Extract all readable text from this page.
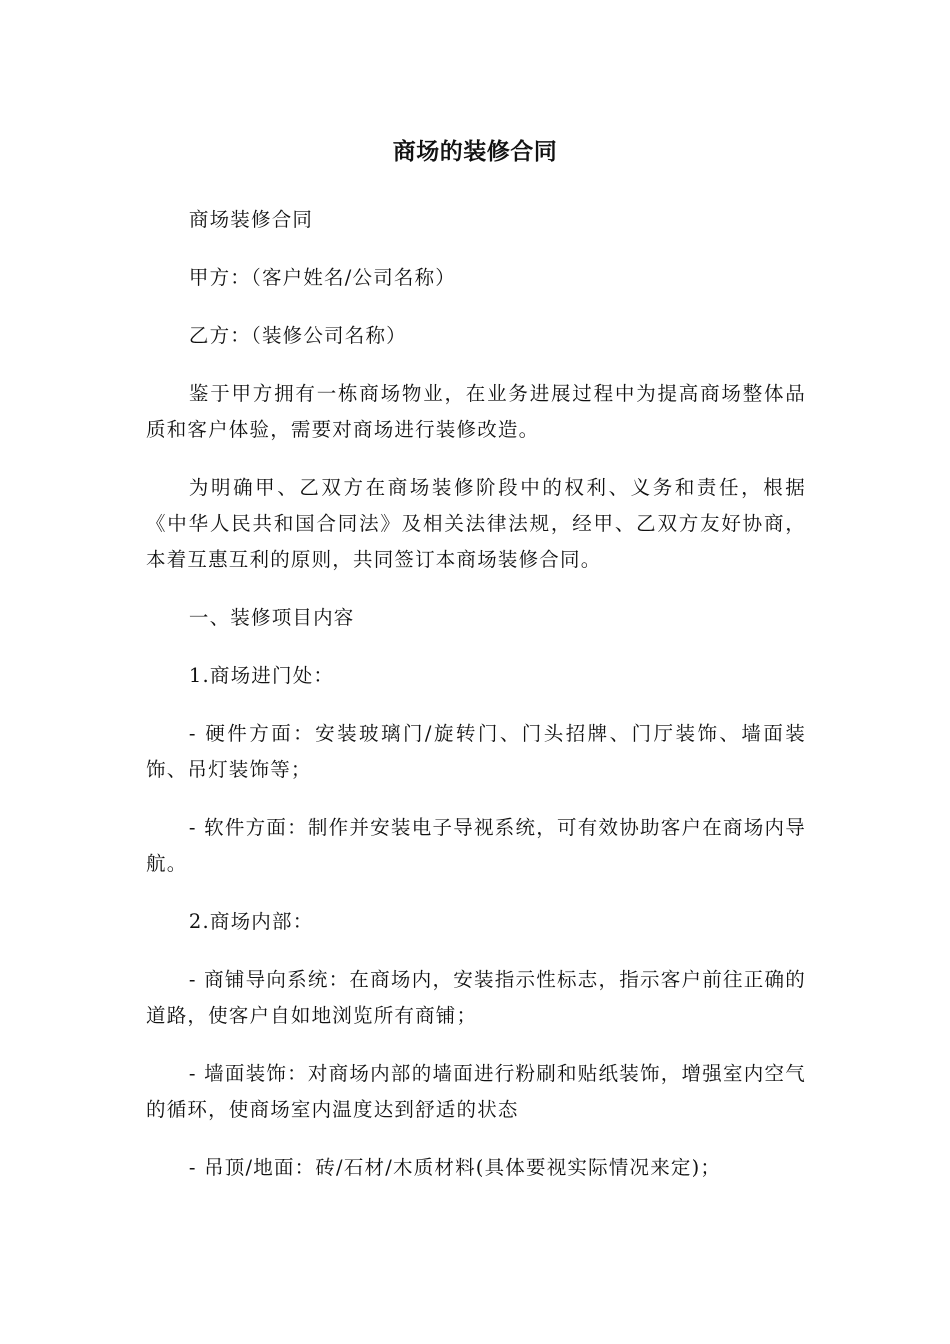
商场的装修合同

商场装修合同

甲方：（客户姓名/公司名称）

乙方：（装修公司名称）

鉴于甲方拥有一栋商场物业，在业务进展过程中为提高商场整体品质和客户体验，需要对商场进行装修改造。

为明确甲、乙双方在商场装修阶段中的权利、义务和责任，根据《中华人民共和国合同法》及相关法律法规，经甲、乙双方友好协商，本着互惠互利的原则，共同签订本商场装修合同。

一、装修项目内容

1.商场进门处：

- 硬件方面：安装玻璃门/旋转门、门头招牌、门厅装饰、墙面装饰、吊灯装饰等；

- 软件方面：制作并安装电子导视系统，可有效协助客户在商场内导航。

2.商场内部：

- 商铺导向系统：在商场内，安装指示性标志，指示客户前往正确的道路，使客户自如地浏览所有商铺；

- 墙面装饰：对商场内部的墙面进行粉刷和贴纸装饰，增强室内空气的循环，使商场室内温度达到舒适的状态

- 吊顶/地面：砖/石材/木质材料(具体要视实际情况来定)；
